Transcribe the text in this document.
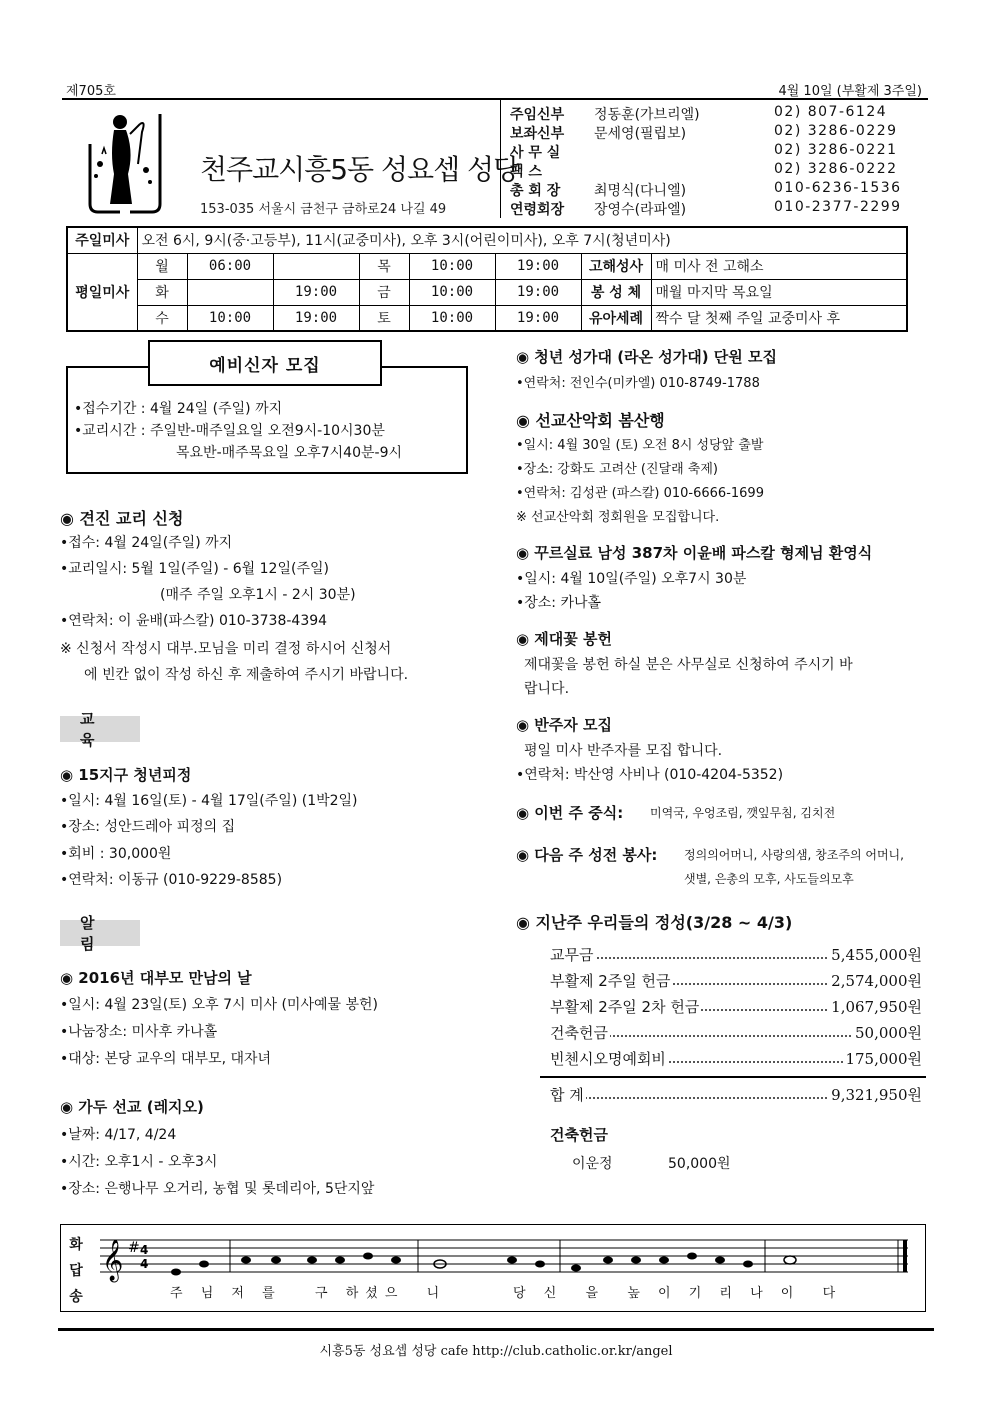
제705호	4월 10일 (부활제 3주일)
천주교시흥5동 성요셉 성당
153-035 서울시 금천구 금하로24 나길 49
주임신부	정동훈(가브리엘)	02) 807-6124
보좌신부	문세영(필립보)	02) 3286-0229
사 무 실	02) 3286-0221
팩 스	02) 3286-0222
총 회 장	최명식(다니엘)	010-6236-1536
연령회장	장영수(라파엘)	010-2377-2299
주일미사	오전 6시, 9시(중·고등부), 11시(교중미사), 오후 3시(어린이미사), 오후 7시(청년미사)							
평일미사	월	06:00		목	10:00	19:00	고해성사	매 미사 전 고해소
	화		19:00	금	10:00	19:00	봉 성 체	매월 마지막 목요일
	수	10:00	19:00	토	10:00	19:00	유아세례	짝수 달 첫째 주일 교중미사 후
예비신자 모집
•접수기간 : 4월 24일 (주일) 까지
•교리시간 : 주일반-매주일요일 오전9시-10시30분
목요반-매주목요일 오후7시40분-9시
◉ 견진 교리 신청
•접수: 4월 24일(주일) 까지
•교리일시: 5월 1일(주일) - 6월 12일(주일)
(매주 주일 오후1시 - 2시 30분)
•연락처: 이 윤배(파스칼) 010-3738-4394
※ 신청서 작성시 대부.모님을 미리 결정 하시어 신청서
에 빈칸 없이 작성 하신 후 제출하여 주시기 바랍니다.
교육
◉ 15지구 청년피정
•일시: 4월 16일(토) - 4월 17일(주일) (1박2일)
•장소: 성안드레아 피정의 집
•회비 : 30,000원
•연락처: 이동규 (010-9229-8585)
알림
◉ 2016년 대부모 만남의 날
•일시: 4월 23일(토) 오후 7시 미사 (미사예물 봉헌)
•나눔장소: 미사후 카나홀
•대상: 본당 교우의 대부모, 대자녀
◉ 가두 선교 (레지오)
•날짜: 4/17, 4/24
•시간: 오후1시 - 오후3시
•장소: 은행나무 오거리, 농협 및 롯데리아, 5단지앞
◉ 청년 성가대 (라온 성가대) 단원 모집
•연락처: 전인수(미카엘) 010-8749-1788
◉ 선교산악회 봄산행
•일시: 4월 30일 (토) 오전 8시 성당앞 출발
•장소: 강화도 고려산 (진달래 축제)
•연락처: 김성관 (파스칼) 010-6666-1699
※ 선교산악회 정회원을 모집합니다.
◉ 꾸르실료 남성 387차 이윤배 파스칼 형제님 환영식
•일시: 4월 10일(주일) 오후7시 30분
•장소: 카나홀
◉ 제대꽃 봉헌
제대꽃을 봉헌 하실 분은 사무실로 신청하여 주시기 바
랍니다.
◉ 반주자 모집
평일 미사 반주자를 모집 합니다.
•연락처: 박산영 사비나 (010-4204-5352)
◉ 이번 주 중식: 미역국, 우엉조림, 깻잎무침, 김치전
◉ 다음 주 성전 봉사: 정의의어머니, 사랑의샘, 창조주의 어머니,
샛별, 은총의 모후, 사도들의모후
◉ 지난주 우리들의 정성(3/28 ~ 4/3)
교무금	5,455,000원
부활제 2주일 헌금	2,574,000원
부활제 2주일 2차 헌금	1,067,950원
건축헌금	50,000원
빈첸시오명예회비	175,000원
합 계	9,321,950원
건축헌금
이운정	50,000원
화
답
송
𝄞 # 4
4
주 님 저 를   구 하셨으  니      당 신  을  높 이 기 리 나 이  다
시흥5동 성요셉 성당 cafe http://club.catholic.or.kr/angel
